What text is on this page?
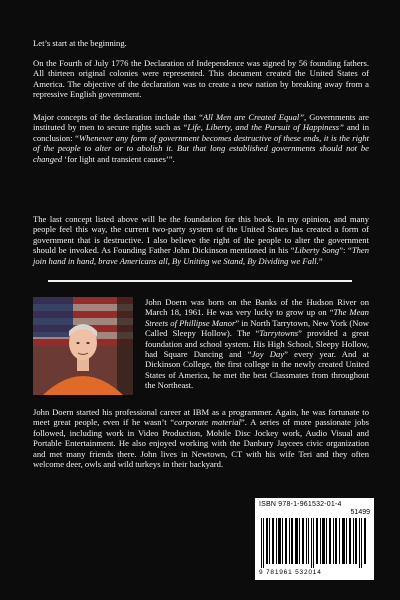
Let’s start at the beginning.

On the Fourth of July 1776 the Declaration of Independence was signed by 56 founding fathers. All thirteen original colonies were represented. This document created the United States of America. The objective of the declaration was to create a new nation by breaking away from a repressive English government.

Major concepts of the declaration include that “All Men are Created Equal”, Governments are instituted by men to secure rights such as “Life, Liberty, and the Pursuit of Happiness” and in conclusion: “Whenever any form of government becomes destructive of these ends, it is the right of the people to alter or to abolish it. But that long established governments should not be changed ‘for light and transient causes’”.

The last concept listed above will be the foundation for this book. In my opinion, and many people feel this way, the current two-party system of the United States has created a form of government that is destructive. I also believe the right of the people to alter the government should be invoked. As Founding Father John Dickinson mentioned in his “Liberty Song”: “Then join hand in hand, brave Americans all, By Uniting we Stand, By Dividing we Fall.”

John Doern was born on the Banks of the Hudson River on March 18, 1961. He was very lucky to grow up on “The Mean Streets of Phillipse Manor” in North Tarrytown, New York (Now Called Sleepy Hollow). The “Tarrytowns” provided a great foundation and school system. His High School, Sleepy Hollow, had Square Dancing and “Joy Day” every year. And at Dickinson College, the first college in the newly created United States of America, he met the best Classmates from throughout the Northeast.

John Doern started his professional career at IBM as a programmer. Again, he was fortunate to meet great people, even if he wasn’t “corporate material”. A series of more passionate jobs followed, including work in Video Production, Mobile Disc Jockey work, Audio Visual and Portable Entertainment. He also enjoyed working with the Danbury Jaycees civic organization and met many friends there. John lives in Newtown, CT with his wife Teri and they often welcome deer, owls and wild turkeys in their backyard.

ISBN 978-1-961532-01-4
51499
9 781961 532014
